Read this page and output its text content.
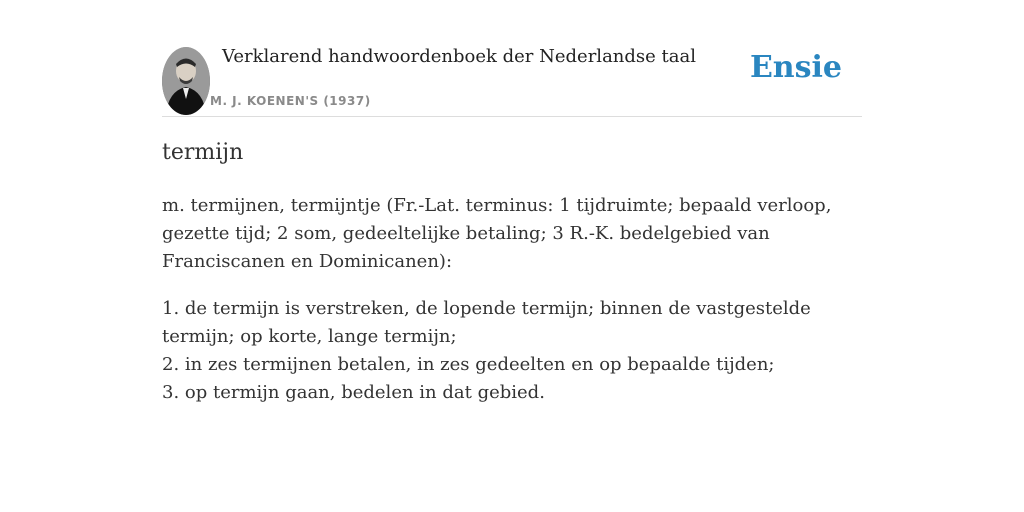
Verklarend handwoordenboek der Nederlandse taal
M. J. KOENEN'S (1937)
Ensie
termijn

m. termijnen, termijntje (Fr.-Lat. terminus: 1 tijdruimte; bepaald verloop, gezette tijd; 2 som, gedeeltelijke betaling; 3 R.-K. bedelgebied van Franciscanen en Dominicanen):

1. de termijn is verstreken, de lopende termijn; binnen de vastgestelde termijn; op korte, lange termijn;
2. in zes termijnen betalen, in zes gedeelten en op bepaalde tijden;
3. op termijn gaan, bedelen in dat gebied.
